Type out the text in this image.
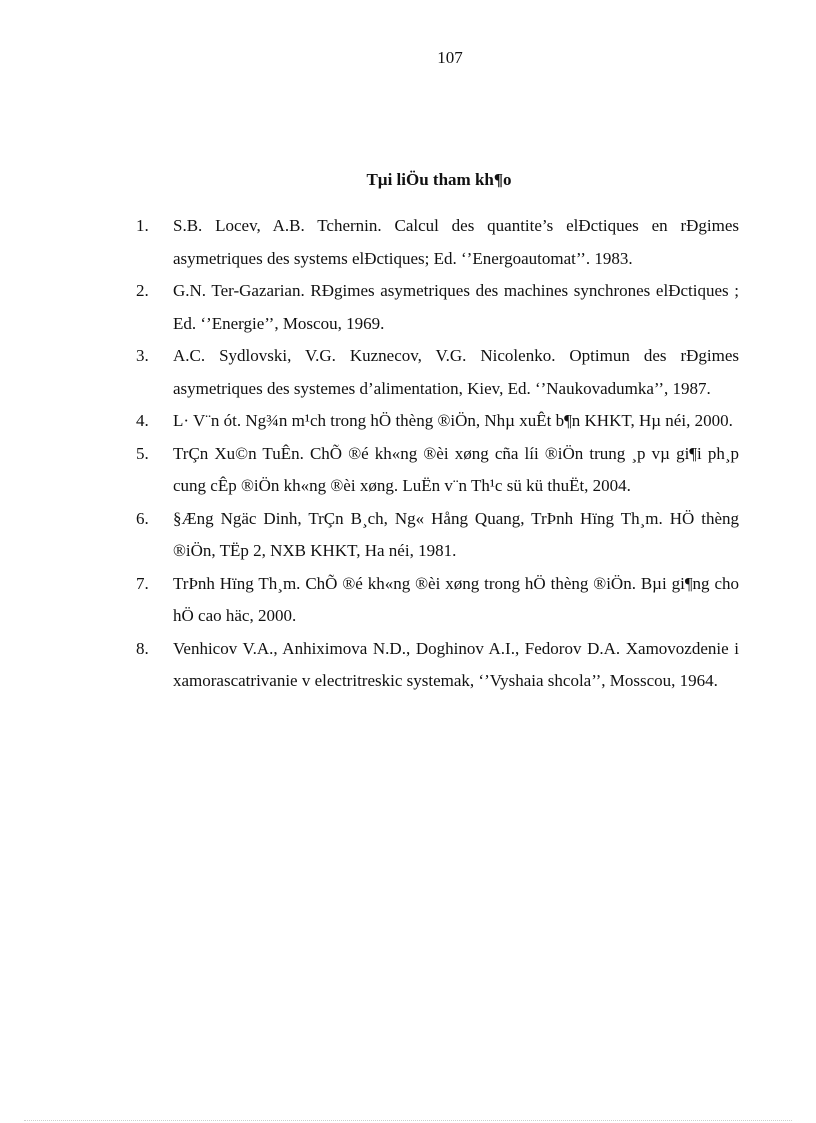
107
Tµi liÖu tham kh¶o
1. S.B. Locev, A.B. Tchernin. Calcul des quantite’s elÐctiques en rÐgimes asymetriques des systems elÐctiques; Ed. ‘’Energoautomat’’. 1983.
2. G.N. Ter-Gazarian. RÐgimes asymetriques des machines synchrones elÐctiques ; Ed. ‘’Energie’’, Moscou, 1969.
3. A.C. Sydlovski, V.G. Kuznecov, V.G. Nicolenko. Optimun des rÐgimes asymetriques des systemes d’alimentation, Kiev, Ed. ‘’Naukovadumka’’, 1987.
4. L· V¨n ót. Ng¾n m¹ch trong hÖ thèng ®iÖn, Nhµ xuÊt b¶n KHKT, Hµ néi, 2000.
5. TrÇn Xu©n TuÊn. ChÕ ®é kh«ng ®èi xøng cña líi ®iÖn trung ¸p vµ gi¶i ph¸p cung cÊp ®iÖn kh«ng ®èi xøng. LuËn v¨n Th¹c sü kü thuËt, 2004.
6. §Æng Ngäc Dinh, TrÇn B¸ch, Ng« Hång Quang, TrÞnh Hïng Th¸m. HÖ thèng ®iÖn, TËp 2, NXB KHKT, Ha néi, 1981.
7. TrÞnh Hïng Th¸m. ChÕ ®é kh«ng ®èi xøng trong hÖ thèng ®iÖn. Bµi gi¶ng cho hÖ cao häc, 2000.
8. Venhicov V.A., Anhiximova N.D., Doghinov A.I., Fedorov D.A. Xamovozdenie i xamorascatrivanie v electritreskic systemak, ‘’Vyshaia shcola’’, Mosscou, 1964.
